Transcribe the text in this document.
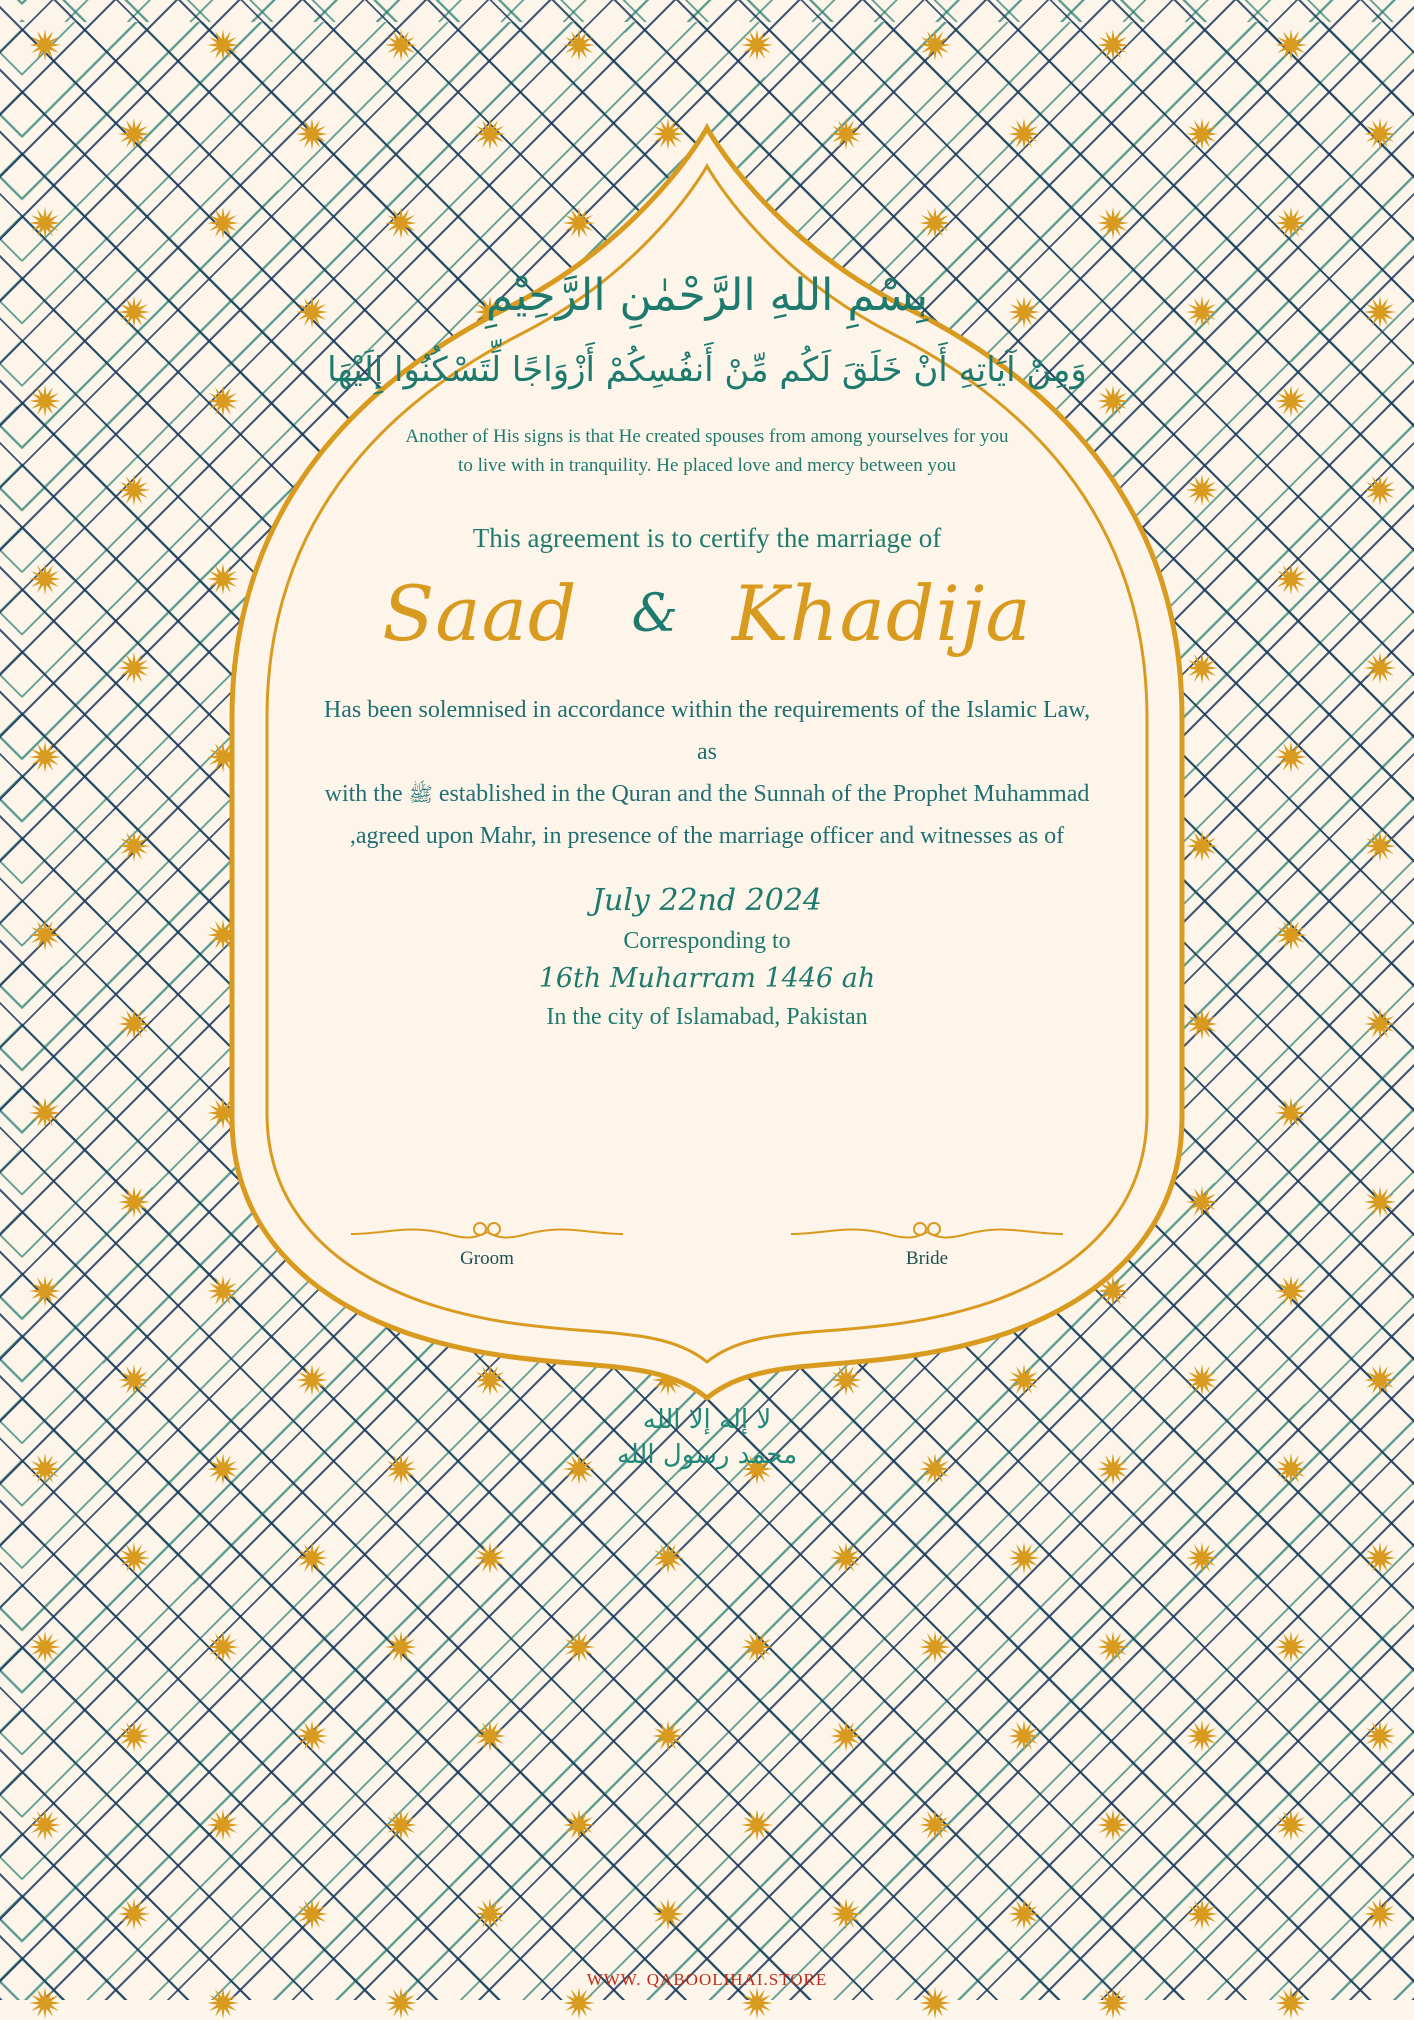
بِسْمِ اللهِ الرَّحْمٰنِ الرَّحِيْمِ
وَمِنْ آيَاتِهِ أَنْ خَلَقَ لَكُم مِّنْ أَنفُسِكُمْ أَزْوَاجًا لِّتَسْكُنُوا إِلَيْهَا
Another of His signs is that He created spouses from among yourselves for you
to live with in tranquility. He placed love and mercy between you
This agreement is to certify the marriage of
Saad & Khadija
Has been solemnised in accordance within the requirements of the Islamic Law, as
with the ﷺ established in the Quran and the Sunnah of the Prophet Muhammad
,agreed upon Mahr, in presence of the marriage officer and witnesses as of
July 22nd 2024
Corresponding to
16th Muharram 1446 ah
In the city of Islamabad, Pakistan
Groom	Bride
لا إله إلا الله
محمد رسول الله
WWW. QABOOLIHAI.STORE
